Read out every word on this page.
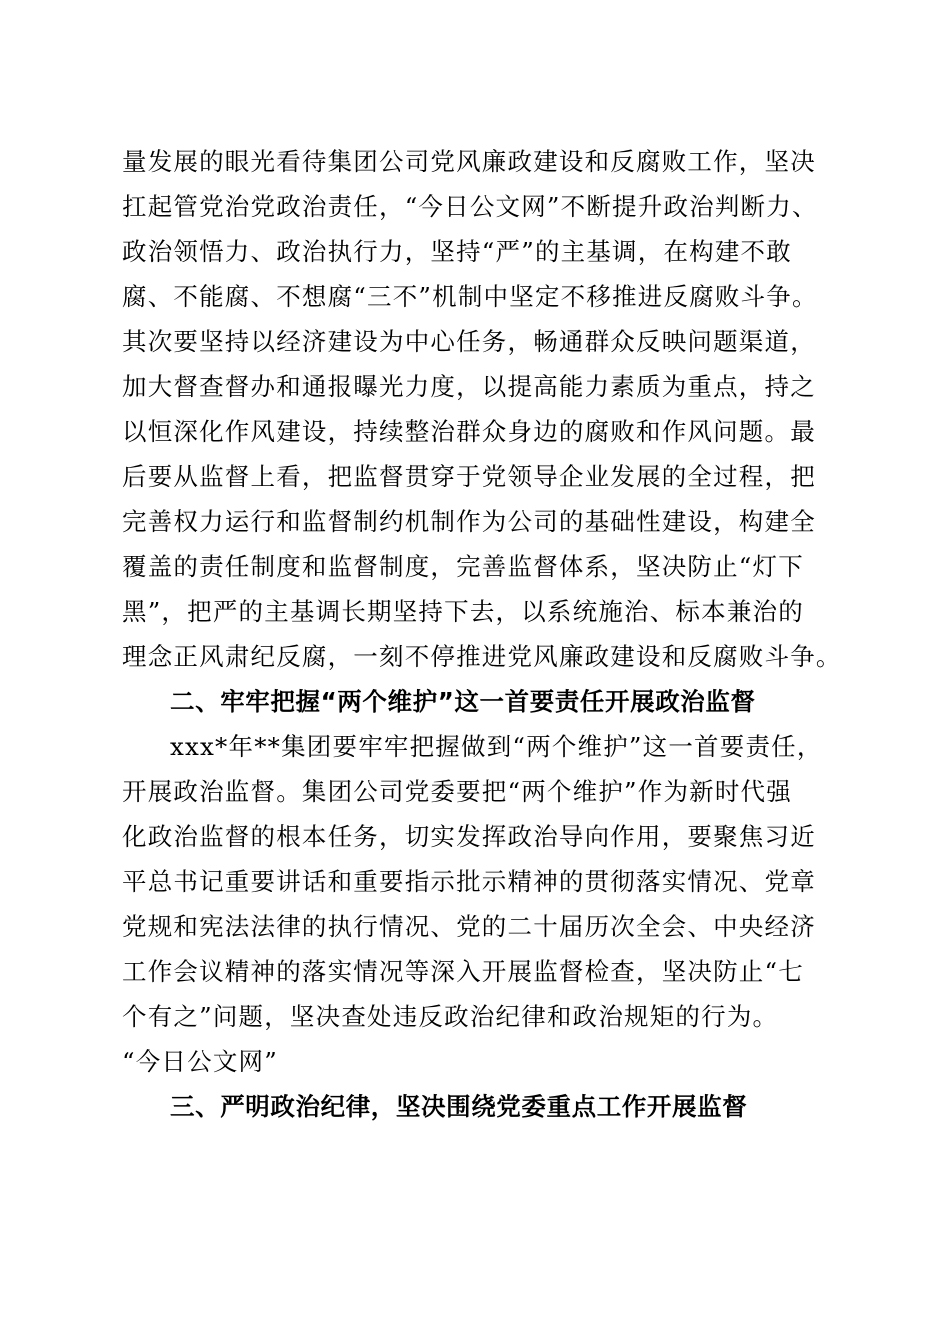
量发展的眼光看待集团公司党风廉政建设和反腐败工作，坚决
扛起管党治党政治责任，“今日公文网”不断提升政治判断力、
政治领悟力、政治执行力，坚持“严”的主基调，在构建不敢
腐、不能腐、不想腐“三不”机制中坚定不移推进反腐败斗争。
其次要坚持以经济建设为中心任务，畅通群众反映问题渠道，
加大督查督办和通报曝光力度，以提高能力素质为重点，持之
以恒深化作风建设，持续整治群众身边的腐败和作风问题。最
后要从监督上看，把监督贯穿于党领导企业发展的全过程，把
完善权力运行和监督制约机制作为公司的基础性建设，构建全
覆盖的责任制度和监督制度，完善监督体系，坚决防止“灯下
黑”，把严的主基调长期坚持下去，以系统施治、标本兼治的
理念正风肃纪反腐，一刻不停推进党风廉政建设和反腐败斗争。
二、牢牢把握“两个维护”这一首要责任开展政治监督
xxx*年**集团要牢牢把握做到“两个维护”这一首要责任，
开展政治监督。集团公司党委要把“两个维护”作为新时代强
化政治监督的根本任务，切实发挥政治导向作用，要聚焦习近
平总书记重要讲话和重要指示批示精神的贯彻落实情况、党章
党规和宪法法律的执行情况、党的二十届历次全会、中央经济
工作会议精神的落实情况等深入开展监督检查，坚决防止“七
个有之”问题，坚决查处违反政治纪律和政治规矩的行为。
“今日公文网”
三、严明政治纪律，坚决围绕党委重点工作开展监督
